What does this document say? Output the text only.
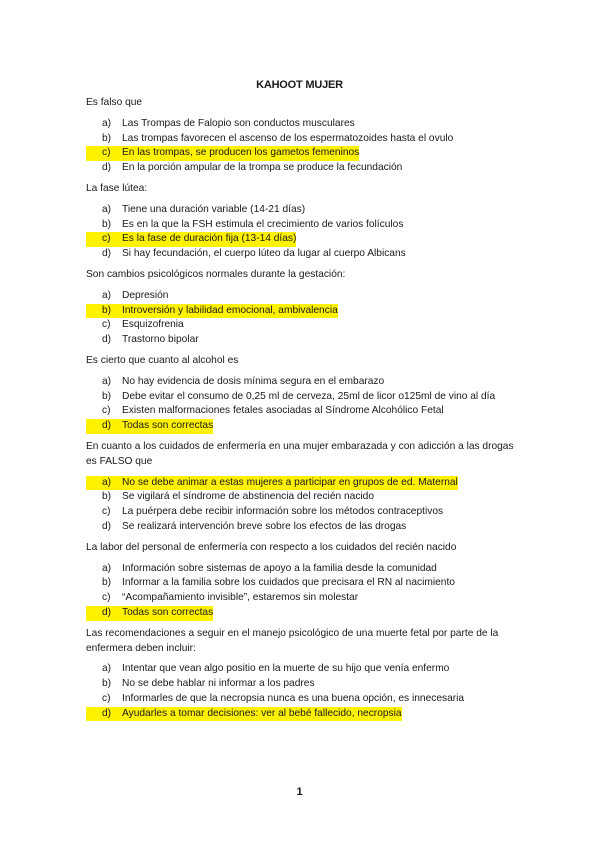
KAHOOT MUJER

Es falso que

a)	Las Trompas de Falopio son conductos musculares
b)	Las trompas favorecen el ascenso de los espermatozoides hasta el ovulo
c)	En las trompas, se producen los gametos femeninos
d)	En la porción ampular de la trompa se produce la fecundación

La fase lútea:

a)	Tiene una duración variable (14-21 días)
b)	Es en la que la FSH estimula el crecimiento de varios folículos
c)	Es la fase de duración fija (13-14 días)
d)	Si hay fecundación, el cuerpo lúteo da lugar al cuerpo Albicans

Son cambios psicológicos normales durante la gestación:

a)	Depresión
b)	Introversión y labilidad emocional, ambivalencia
c)	Esquizofrenia
d)	Trastorno bipolar

Es cierto que cuanto al alcohol es

a)	No hay evidencia de dosis mínima segura en el embarazo
b)	Debe evitar el consumo de 0,25 ml de cerveza, 25ml de licor o125ml de vino al día
c)	Existen malformaciones fetales asociadas al Síndrome Alcohólico Fetal
d)	Todas son correctas

En cuanto a los cuidados de enfermería en una mujer embarazada y con adicción a las drogas es FALSO que

a)	No se debe animar a estas mujeres a participar en grupos de ed. Maternal
b)	Se vigilará el síndrome de abstinencia del recién nacido
c)	La puérpera debe recibir información sobre los métodos contraceptivos
d)	Se realizará intervención breve sobre los efectos de las drogas

La labor del personal de enfermería con respecto a los cuidados del recién nacido

a)	Información sobre sistemas de apoyo a la familia desde la comunidad
b)	Informar a la familia sobre los cuidados que precisara el RN al nacimiento
c)	“Acompañamiento invisible”, estaremos sin molestar
d)	Todas son correctas

Las recomendaciones a seguir en el manejo psicológico de una muerte fetal por parte de la enfermera deben incluir:

a)	Intentar que vean algo positio en la muerte de su hijo que venía enfermo
b)	No se debe hablar ni informar a los padres
c)	Informarles de que la necropsia nunca es una buena opción, es innecesaria
d)	Ayudarles a tomar decisiones: ver al bebé fallecido, necropsia
1
